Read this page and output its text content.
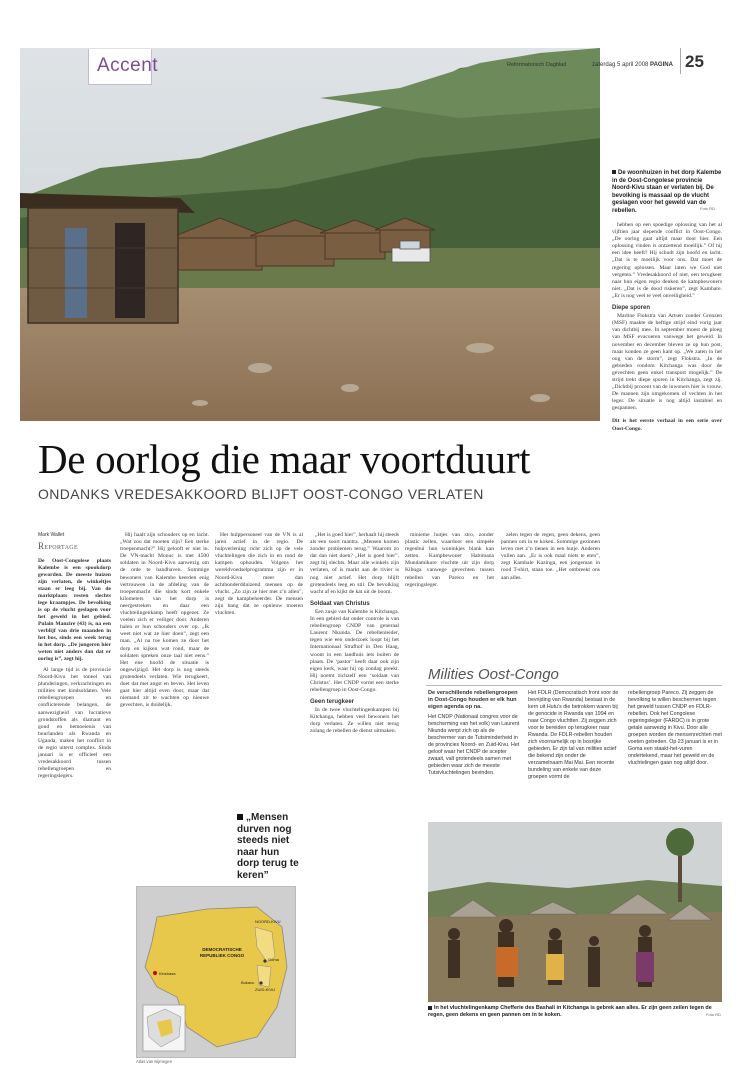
Accent	Reformatorisch Dagblad	zaterdag 5 april 2008 PAGINA 25
De woonhuizen in het dorp Kalembe in de Oost-Congolese provincie Noord-Kivu staan er verlaten bij. De bevolking is massaal op de vlucht geslagen voor het geweld van de rebellen.	Foto RD

hebben op een spoedige oplossing van het al vijftien jaar slepende conflict in Oost-Congo. „De oorlog gaat altijd maar door hier. Een oplossing vinden is ontzettend moeilijk.” Of hij een idee heeft? Hij schudt zijn hoofd en lacht. „Dat is te moeilijk voor ons. Dat moet de regering oplossen. Maar laten we God niet vergeten.” Vredesakkoord of niet, een terugkeer naar hun eigen regio denken de kampbewoners niet. „Dat is de dood riskeren”, zegt Kambare. „Er is nog veel te veel onveiligheid.”

Diepe sporen

Martine Flokstra van Artsen zonder Grenzen (MSF) maakte de heftige strijd eind vorig jaar van dichtbij mee. In september moest de ploeg van MSF evacueren vanwege het geweld. In november en december bleven ze op hun post, maar konden ze geen kant op. „We zaten in het oog van de storm”, zegt Flokstra. „In de gebieden rondom Kitchanga was door de gevechten geen enkel transport mogelijk.” De strijd trekt diepe sporen in Kitchanga, zegt zij. „Dichtbij procent van de inwoners hier is vrouw. De mannen zijn omgekomen of vechten in het leger. De situatie is nog altijd instabiel en gespannen.

Dit is het eerste verhaal in een serie over Oost-Congo.

De oorlog die maar voortduurt
ONDANKS VREDESAKKOORD BLIJFT OOST-CONGO VERLATEN
Mark Wallet
Reportage

De Oost-Congolese plaats Kalembe is een spookdorp geworden. De meeste huizen zijn verlaten, de winkeltjes staan er leeg bij. Van de marktplaats resten slechts lege kraampjes. De bevolking is op de vlucht geslagen voor het geweld in het gebied. Pulain Manzire (43) is, na een verblijf van drie maanden in het bos, sinds een week terug in het dorp. „De jongeren hier weten niet anders dan dat er oorlog is”, zegt hij.

Al lange tijd is de provincie Noord-Kivu het toneel van plunderingen, verkrachtingen en milities met kindsoldaten. Vele rebellengroepen en conflicterende belangen, de aanwezigheid van lucratieve grondstoffen als diamant en goud en bemoeienis van buurlanden als Rwanda en Uganda, maken het conflict in de regio uiterst complex. Sinds januari is er officieel een vredesakkoord tussen rebellengroepen en regeringslegers.

Hij haalt zijn schouders op en lacht. „Wat zou dat moeten zijn? Een sterke troepenmacht?” Hij gelooft er niet in. De VN-macht Monuc is met 4500 soldaten in Noord-Kivu aanwezig om de orde te handhaven. Sommige bewoners van Kalembe keerden enig vertrouwen in de afdeling van de troepenmacht die sinds kort enkele kilometers van het dorp is neergestreken en daar een vluchtelingenkamp heeft opgezet. Ze voelen zich er veiliger door. Anderen halen er hun schouders over op. „Ik weet niet wat ze hier doen”, zegt een man. „Al na toe komen ze door het dorp en kijken wat rond, maar de soldaten spreken onze taal niet eens.” Het ene hoofd de situatie is ongewijzigd. Het dorp is nog steeds grotendeels verlaten. Wie terugkeert, doet dat met angst en beven. Het leven gaat hier altijd even door, maar dat niemand zit te wachten op nieuwe gevechten, is duidelijk.

Het hulppersoneel van de VN is al jaren actief in de regio. De hulpverlening richt zich op de vele vluchtelingen die zich in en rond de kampen ophouden. Volgens het wereldvoedselprogramma zijn er in Noord-Kivu meer dan achthonderdduizend mensen op de vlucht. „Zo zijn ze hier met z’n allen”, zegt de kampbeheerder. De mensen zijn bang dat ze opnieuw moeten vluchten.

„Mensen durven nog steeds niet naar hun dorp terug te keren”
DEMOCRATISCHE REPUBLIEK CONGO
NOORD-KIVU
ZUID-KIVU
Goma
Bukavu
Kinshasa
Atlas van Nijmegen

„Het is goed hier”, herhaalt hij steeds als een soort mantra. „Mensen komen zonder problemen terug.” Waarom zo dat dan niet doen? „Het is goed hier”, zegt hij slechts. Maar alle winkels zijn verlaten, of is markt aan de rivier is nog niet actief. Het dorp blijft grotendeels leeg en stil. De bevolking wacht af en kijkt de kat uit de boom.

Soldaat van Christus

Een zusje van Kalembe is Kitchanga. In een gebied dat onder controle is van rebellengroep CNDP van generaal Laurent Nkunda. De rebellenleider, tegen wie een onderzoek loopt bij het Internationaal Strafhof in Den Haag, woont in een landhuis iets buiten de plaats. De ‘pastor’ heeft daar ook zijn eigen kerk, waar hij op zondag preekt. Hij noemt zichzelf een ‘soldaat van Christus’. Het CNDP vormt een sterke rebellengroep in Oost-Congo.

Geen terugkeer

In de twee vluchtelingenkampen bij Kitchanga, hebben veel bewoners het dorp verlaten. Ze willen niet terug zolang de rebellen de dienst uitmaken.

minieme hutjes van stro, zonder plastic zeilen, waardoor een simpele regenbui hun woninkjes blank kan zetten. Kampbewoner Habimana Mundamikure vluchtte uit zijn dorp Kibuga vanwege gevechten tussen rebellen van Pareco en het regeringsleger.

zelen tegen de regen, geen dekens, geen pannen om in te koken. Sommige gezinnen leven met z’n tienen in een hutje. Anderen vullen aan. „Er is ook maal niets te eten”, zegt Kambale Kazinga, een jongeman in rood T-shirt, staan toe. „Het ontbreekt ons aan alles.

Milities Oost-Congo
De verschillende rebellengroepen in Oost-Congo houden er elk hun eigen agenda op na.
Het CNDP (Nationaal congres voor de bescherming van het volk) van Laurent Nkunda werpt zich op als de beschermer van de Tutsiminderheid in de provincies Noord- en Zuid-Kivu. Het geloof waar het CNDP de scepter zwaait, valt grotendeels samen met gebieden waar zich de meeste Tutsivluchtelingen bevinden.
Het FDLR (Democratisch front voor de bevrijding van Rwanda) bestaat in de kern uit Hutu’s die betrokken waren bij de genocide in Rwanda van 1994 en naar Congo vluchtten. Zij zeggen zich voor te bereiden op terugkeer naar Rwanda. De FDLR-rebellen houden zich voornamelijk op in bosrijke gebieden. Er zijn tal van milities actief die bekend zijn onder de verzamelnaam Mai Mai. Een recente bundeling van enkele van deze groepen vormt de
rebellengroep Pareco. Zij zeggen de bevolking te willen beschermen tegen het geweld tussen CNDP en FDLR-rebellen. Ook het Congolese regeringsleger (FARDC) is in grote getale aanwezig in Kivu. Door alle groepen worden de mensenrechten met voeten getreden. Op 23 januari is er in Goma een staakt-het-vuren ondertekend, maar het geweld en de vluchtelingen gaan nog altijd door.
In het vluchtelingenkamp Chefferie des Bashali in Kitchanga is gebrek aan alles. Er zijn geen zeilen tegen de regen, geen dekens en geen pannen om in te koken.	Foto RD
